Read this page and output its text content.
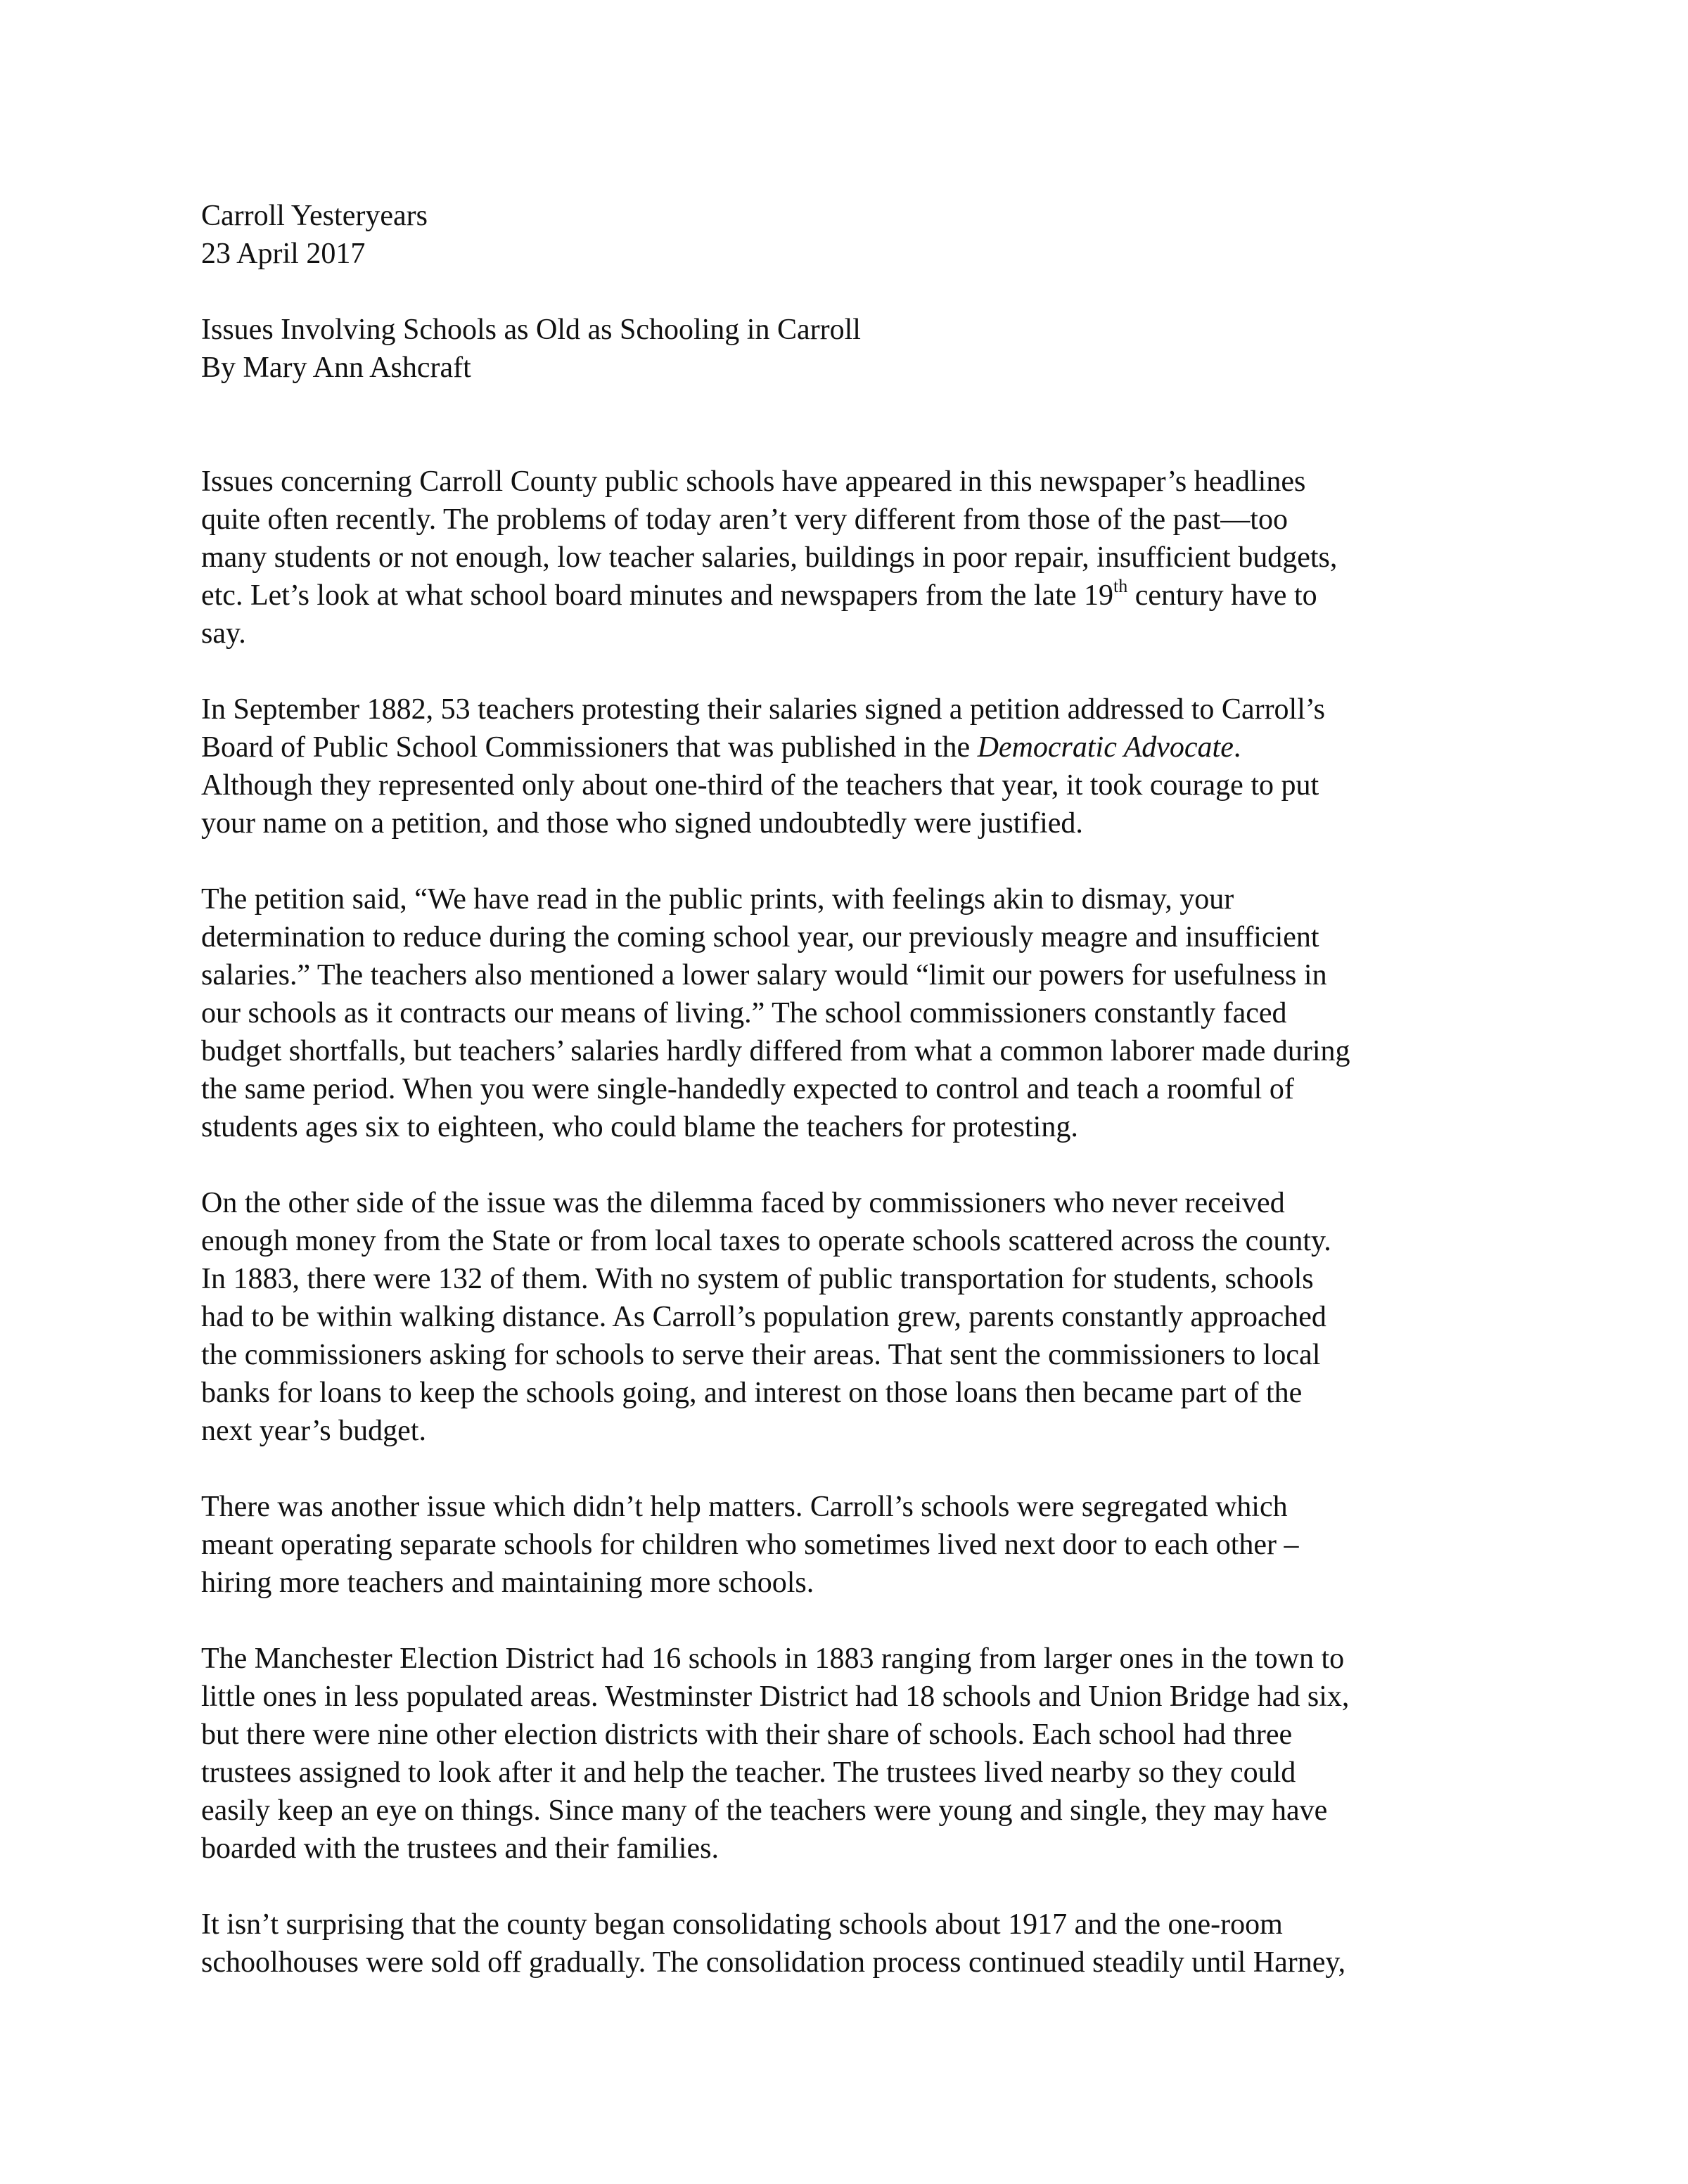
Carroll Yesteryears
23 April 2017
Issues Involving Schools as Old as Schooling in Carroll
By Mary Ann Ashcraft
Issues concerning Carroll County public schools have appeared in this newspaper’s headlines
quite often recently. The problems of today aren’t very different from those of the past—too
many students or not enough, low teacher salaries, buildings in poor repair, insufficient budgets,
etc. Let’s look at what school board minutes and newspapers from the late 19th century have to
say.
In September 1882, 53 teachers protesting their salaries signed a petition addressed to Carroll’s
Board of Public School Commissioners that was published in the Democratic Advocate.
Although they represented only about one-third of the teachers that year, it took courage to put
your name on a petition, and those who signed undoubtedly were justified.
The petition said, “We have read in the public prints, with feelings akin to dismay, your
determination to reduce during the coming school year, our previously meagre and insufficient
salaries.” The teachers also mentioned a lower salary would “limit our powers for usefulness in
our schools as it contracts our means of living.” The school commissioners constantly faced
budget shortfalls, but teachers’ salaries hardly differed from what a common laborer made during
the same period. When you were single-handedly expected to control and teach a roomful of
students ages six to eighteen, who could blame the teachers for protesting.
On the other side of the issue was the dilemma faced by commissioners who never received
enough money from the State or from local taxes to operate schools scattered across the county.
In 1883, there were 132 of them. With no system of public transportation for students, schools
had to be within walking distance. As Carroll’s population grew, parents constantly approached
the commissioners asking for schools to serve their areas. That sent the commissioners to local
banks for loans to keep the schools going, and interest on those loans then became part of the
next year’s budget.
There was another issue which didn’t help matters. Carroll’s schools were segregated which
meant operating separate schools for children who sometimes lived next door to each other –
hiring more teachers and maintaining more schools.
The Manchester Election District had 16 schools in 1883 ranging from larger ones in the town to
little ones in less populated areas. Westminster District had 18 schools and Union Bridge had six,
but there were nine other election districts with their share of schools. Each school had three
trustees assigned to look after it and help the teacher. The trustees lived nearby so they could
easily keep an eye on things. Since many of the teachers were young and single, they may have
boarded with the trustees and their families.
It isn’t surprising that the county began consolidating schools about 1917 and the one-room
schoolhouses were sold off gradually. The consolidation process continued steadily until Harney,
